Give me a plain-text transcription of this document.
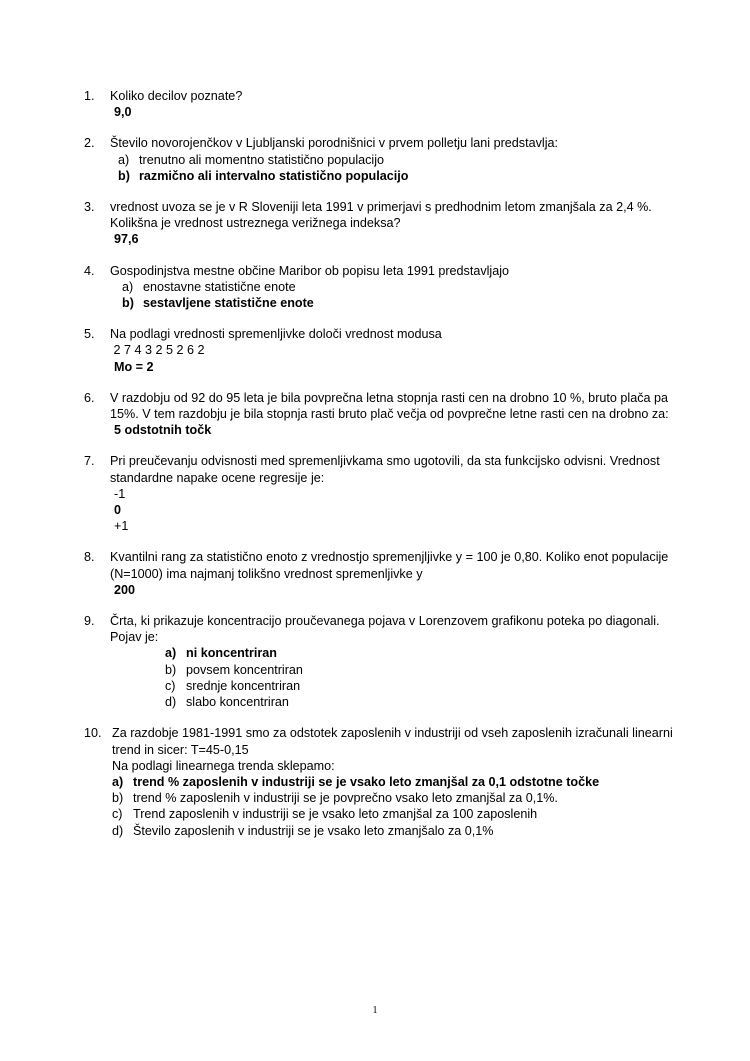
1.	Koliko decilov poznate?
9,0
2.	Število novorojenčkov v Ljubljanski porodnišnici v prvem polletju lani predstavlja:
a) trenutno ali momentno statistično populacijo
b) razmično ali intervalno statistično populacijo
3.	vrednost uvoza se je v R Sloveniji leta 1991 v primerjavi s predhodnim letom zmanjšala za 2,4 %. Kolikšna je vrednost ustreznega verižnega indeksa?
97,6
4.	Gospodinjstva mestne občine Maribor ob popisu leta 1991 predstavljajo
a) enostavne statistične enote
b) sestavljene statistične enote
5.	Na podlagi vrednosti spremenljivke določi vrednost modusa
2 7 4 3 2 5 2 6 2
Mo = 2
6.	V razdobju od 92 do 95 leta je bila povprečna letna stopnja rasti cen na drobno 10 %, bruto plača pa 15%. V tem razdobju je bila stopnja rasti bruto plač večja od povprečne letne rasti cen na drobno za:
5 odstotnih točk
7.	Pri preučevanju odvisnosti med spremenljivkama smo ugotovili, da sta funkcijsko odvisni. Vrednost standardne napake ocene regresije je:
-1
0
+1
8.	Kvantilni rang za statistično enoto z vrednostjo spremenjljivke y = 100 je 0,80. Koliko enot populacije  (N=1000) ima najmanj tolikšno vrednost spremenljivke y
200
9.	Črta, ki prikazuje koncentracijo proučevanega pojava v Lorenzovem grafikonu poteka po diagonali. Pojav je:
a) ni koncentriran
b) povsem koncentriran
c) srednje koncentriran
d) slabo koncentriran
10. Za razdobje 1981-1991 smo za odstotek zaposlenih v industriji od vseh zaposlenih izračunali linearni trend in sicer: T=45-0,15
Na podlagi linearnega trenda sklepamo:
a) trend % zaposlenih v industriji se je vsako leto zmanjšal za 0,1 odstotne točke
b) trend % zaposlenih v industriji se je povprečno vsako leto zmanjšal za 0,1%.
c) Trend zaposlenih v industriji se je vsako leto zmanjšal za 100 zaposlenih
d) Število zaposlenih v industriji se je vsako leto zmanjšalo za 0,1%
1
